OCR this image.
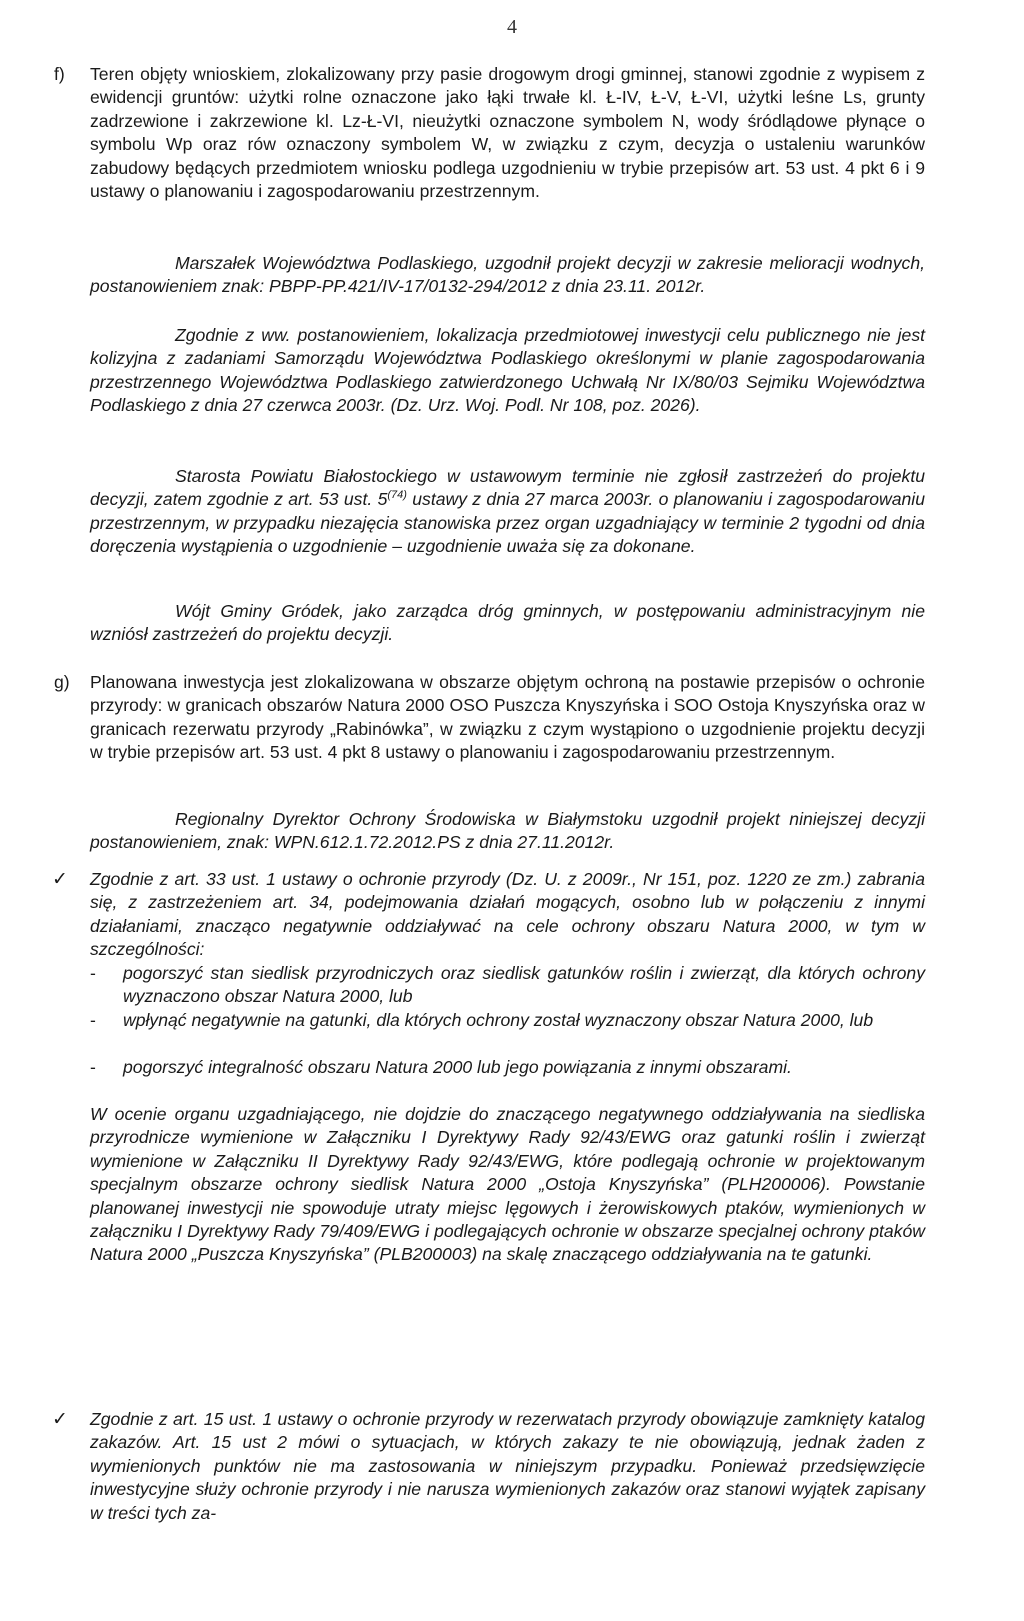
4
f) Teren objęty wnioskiem, zlokalizowany przy pasie drogowym drogi gminnej, stanowi zgodnie z wypisem z ewidencji gruntów: użytki rolne oznaczone jako łąki trwałe kl. Ł-IV, Ł-V, Ł-VI, użytki leśne Ls, grunty zadrzewione i zakrzewione kl. Lz-Ł-VI, nieużytki oznaczone symbolem N, wody śródlądowe płynące o symbolu Wp oraz rów oznaczony symbolem W, w związku z czym, decyzja o ustaleniu warunków zabudowy będących przedmiotem wniosku podlega uzgodnieniu w trybie przepisów art. 53 ust. 4 pkt 6 i 9 ustawy o planowaniu i zagospodarowaniu przestrzennym.
Marszałek Województwa Podlaskiego, uzgodnił projekt decyzji w zakresie melioracji wodnych, postanowieniem znak: PBPP-PP.421/IV-17/0132-294/2012 z dnia 23.11. 2012r.
Zgodnie z ww. postanowieniem, lokalizacja przedmiotowej inwestycji celu publicznego nie jest kolizyjna z zadaniami Samorządu Województwa Podlaskiego określonymi w planie zagospodarowania przestrzennego Województwa Podlaskiego zatwierdzonego Uchwałą Nr IX/80/03 Sejmiku Województwa Podlaskiego z dnia 27 czerwca 2003r. (Dz. Urz. Woj. Podl. Nr 108, poz. 2026).
Starosta Powiatu Białostockiego w ustawowym terminie nie zgłosił zastrzeżeń do projektu decyzji, zatem zgodnie z art. 53 ust. 5$^{(74)}$ ustawy z dnia 27 marca 2003r. o planowaniu i zagospodarowaniu przestrzennym, w przypadku niezajęcia stanowiska przez organ uzgadniający w terminie 2 tygodni od dnia doręczenia wystąpienia o uzgodnienie – uzgodnienie uważa się za dokonane.
Wójt Gminy Gródek, jako zarządca dróg gminnych, w postępowaniu administracyjnym nie wzniósł zastrzeżeń do projektu decyzji.
g) Planowana inwestycja jest zlokalizowana w obszarze objętym ochroną na postawie przepisów o ochronie przyrody: w granicach obszarów Natura 2000 OSO Puszcza Knyszyńska i SOO Ostoja Knyszyńska oraz w granicach rezerwatu przyrody „Rabinówka”, w związku z czym wystąpiono o uzgodnienie projektu decyzji w trybie przepisów art. 53 ust. 4 pkt 8 ustawy o planowaniu i zagospodarowaniu przestrzennym.
Regionalny Dyrektor Ochrony Środowiska w Białymstoku uzgodnił projekt niniejszej decyzji postanowieniem, znak: WPN.612.1.72.2012.PS z dnia 27.11.2012r.
✓ Zgodnie z art. 33 ust. 1 ustawy o ochronie przyrody (Dz. U. z 2009r., Nr 151, poz. 1220 ze zm.) zabrania się, z zastrzeżeniem art. 34, podejmowania działań mogących, osobno lub w połączeniu z innymi działaniami, znacząco negatywnie oddziaływać na cele ochrony obszaru Natura 2000, w tym w szczególności:
- pogorszyć stan siedlisk przyrodniczych oraz siedlisk gatunków roślin i zwierząt, dla których ochrony wyznaczono obszar Natura 2000, lub
- wpłynąć negatywnie na gatunki, dla których ochrony został wyznaczony obszar Natura 2000, lub
- pogorszyć integralność obszaru Natura 2000 lub jego powiązania z innymi obszarami.
W ocenie organu uzgadniającego, nie dojdzie do znaczącego negatywnego oddziaływania na siedliska przyrodnicze wymienione w Załączniku I Dyrektywy Rady 92/43/EWG oraz gatunki roślin i zwierząt wymienione w Załączniku II Dyrektywy Rady 92/43/EWG, które podlegają ochronie w projektowanym specjalnym obszarze ochrony siedlisk Natura 2000 „Ostoja Knyszyńska” (PLH200006). Powstanie planowanej inwestycji nie spowoduje utraty miejsc lęgowych i żerowiskowych ptaków, wymienionych w załączniku I Dyrektywy Rady 79/409/EWG i podlegających ochronie w obszarze specjalnej ochrony ptaków Natura 2000 „Puszcza Knyszyńska” (PLB200003) na skalę znaczącego oddziaływania na te gatunki.
✓ Zgodnie z art. 15 ust. 1 ustawy o ochronie przyrody w rezerwatach przyrody obowiązuje zamknięty katalog zakazów. Art. 15 ust 2 mówi o sytuacjach, w których zakazy te nie obowiązują, jednak żaden z wymienionych punktów nie ma zastosowania w niniejszym przypadku. Ponieważ przedsięwzięcie inwestycyjne służy ochronie przyrody i nie narusza wymienionych zakazów oraz stanowi wyjątek zapisany w treści tych za-
